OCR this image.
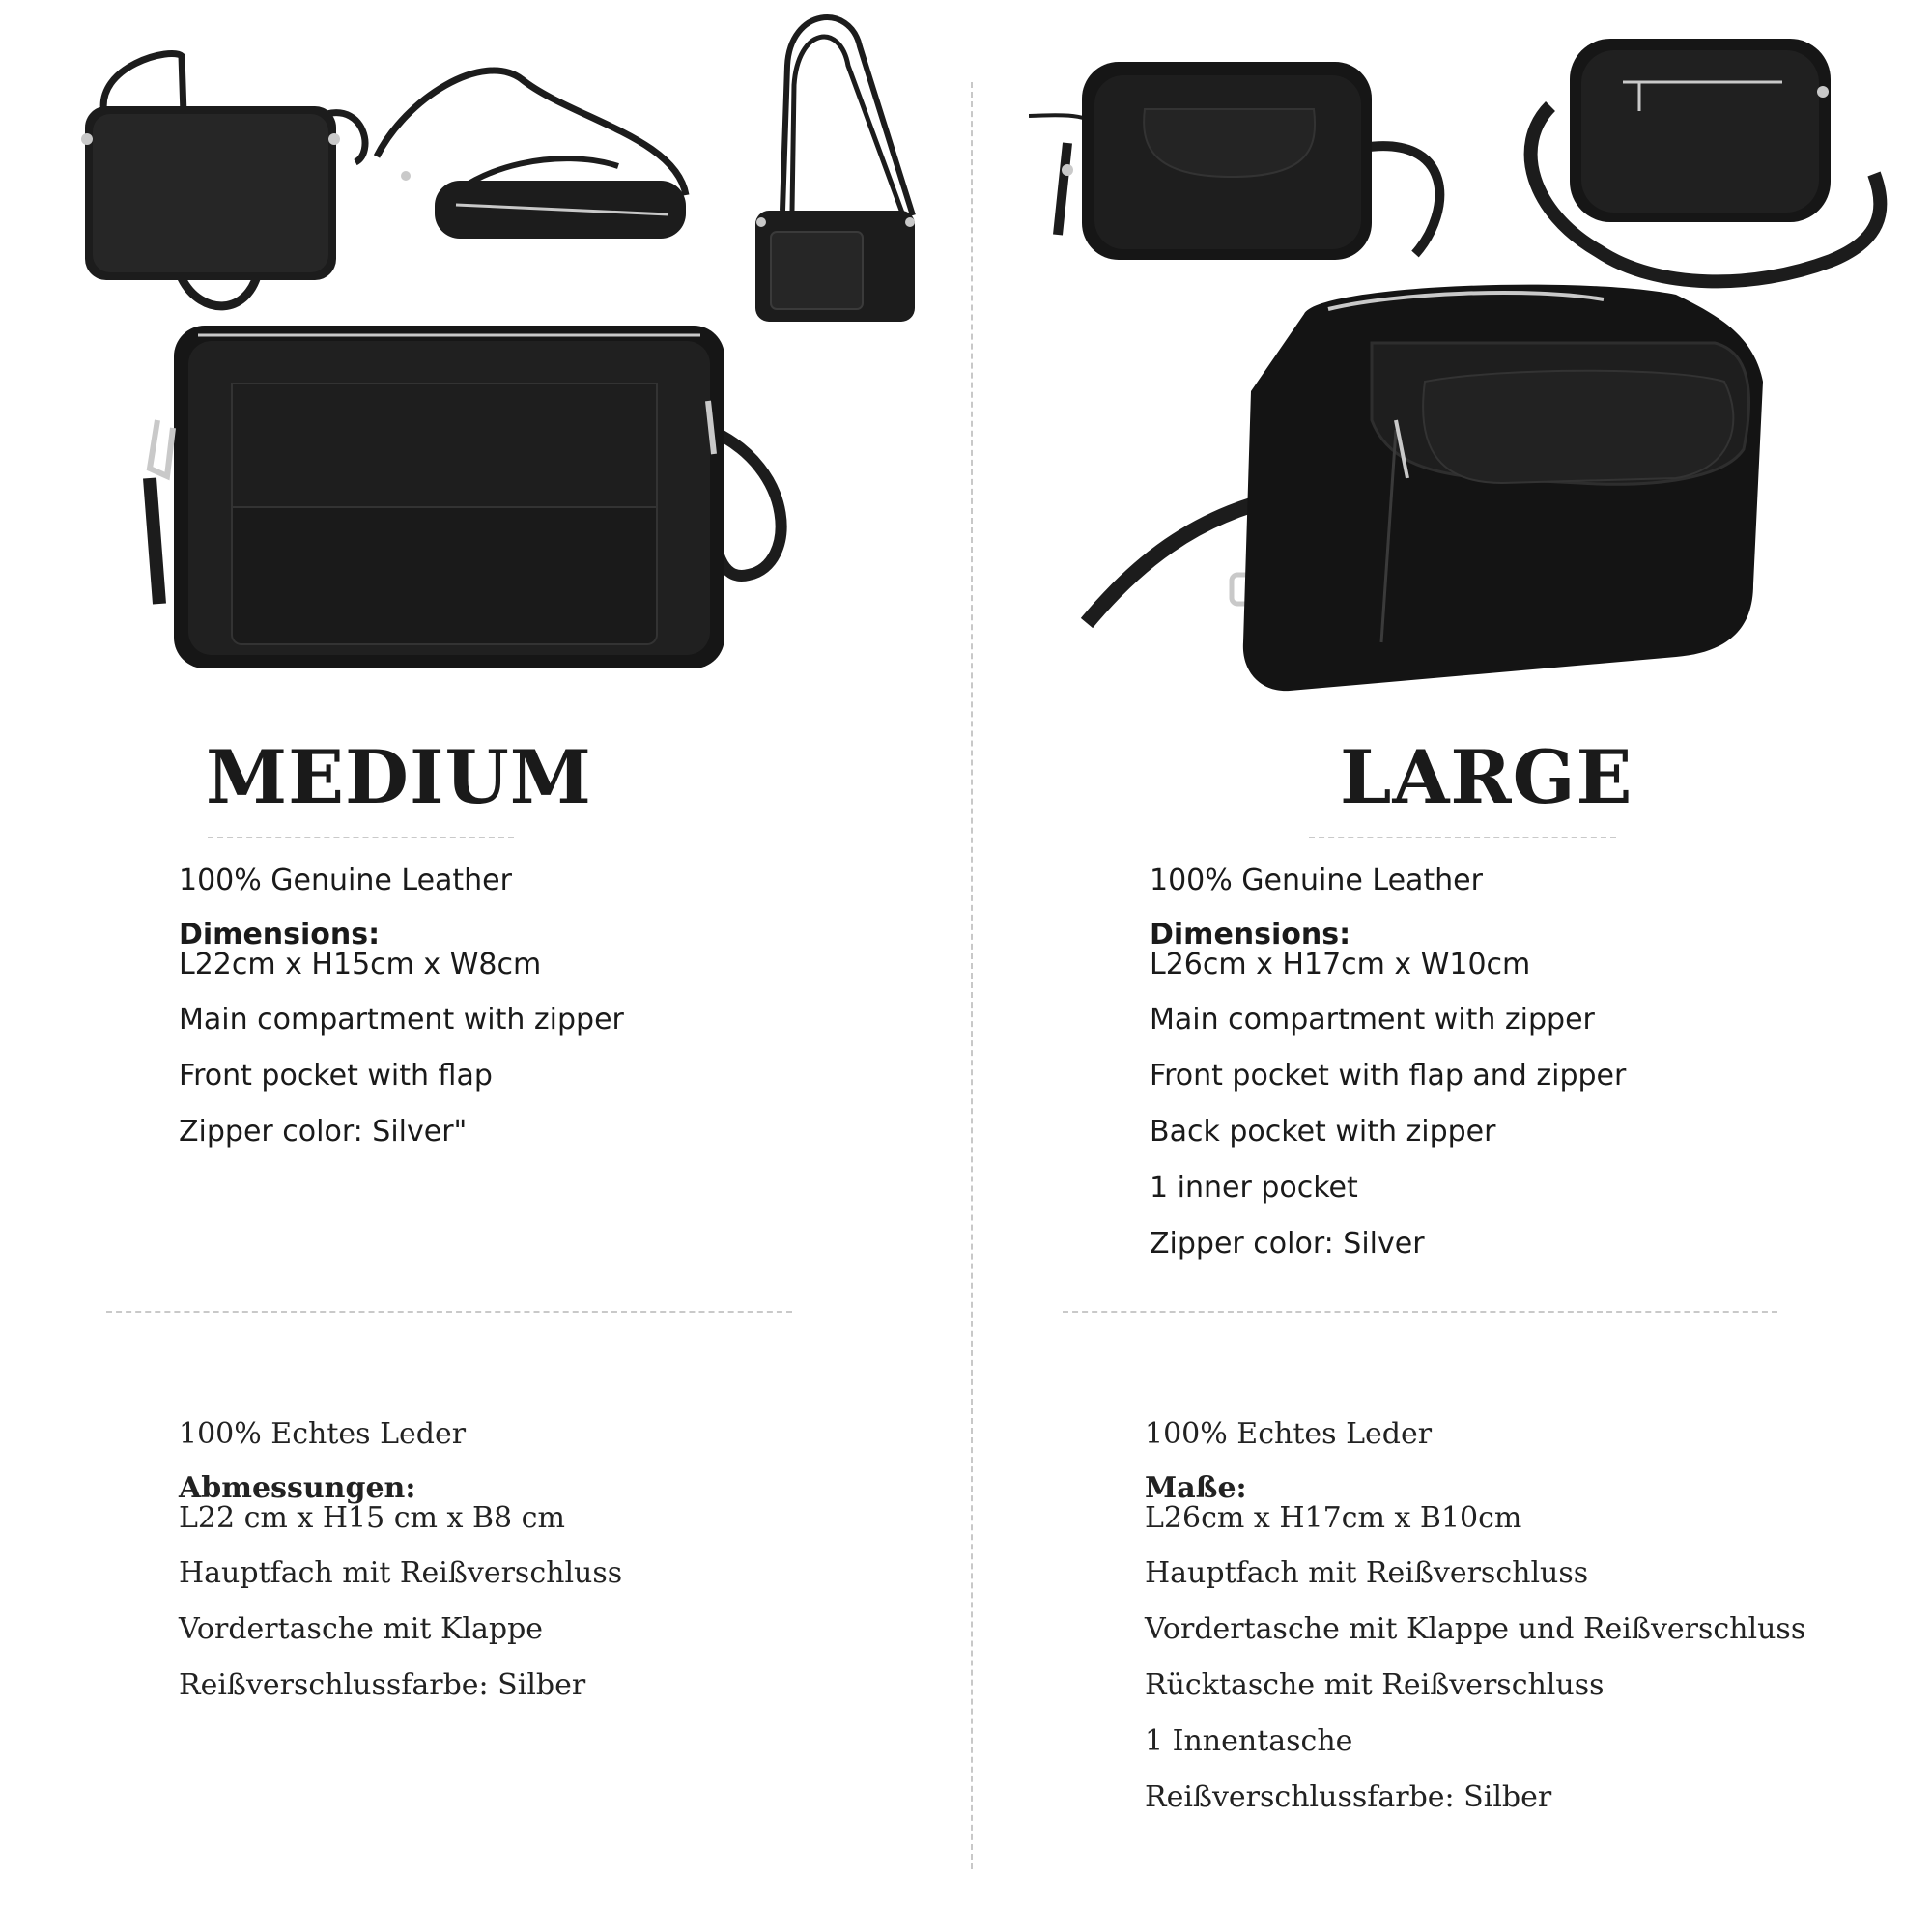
MEDIUM
100% Genuine Leather
Dimensions:
L22cm x H15cm x W8cm
Main compartment with zipper
Front pocket with flap
Zipper color: Silver"
100% Echtes Leder
Abmessungen:
L22 cm x H15 cm x B8 cm
Hauptfach mit Reißverschluss
Vordertasche mit Klappe
Reißverschlussfarbe: Silber
LARGE
100% Genuine Leather
Dimensions:
L26cm x H17cm x W10cm
Main compartment with zipper
Front pocket with flap and zipper
Back pocket with zipper
1 inner pocket
Zipper color: Silver
100% Echtes Leder
Maße:
L26cm x H17cm x B10cm
Hauptfach mit Reißverschluss
Vordertasche mit Klappe und Reißverschluss
Rücktasche mit Reißverschluss
1 Innentasche
Reißverschlussfarbe: Silber
